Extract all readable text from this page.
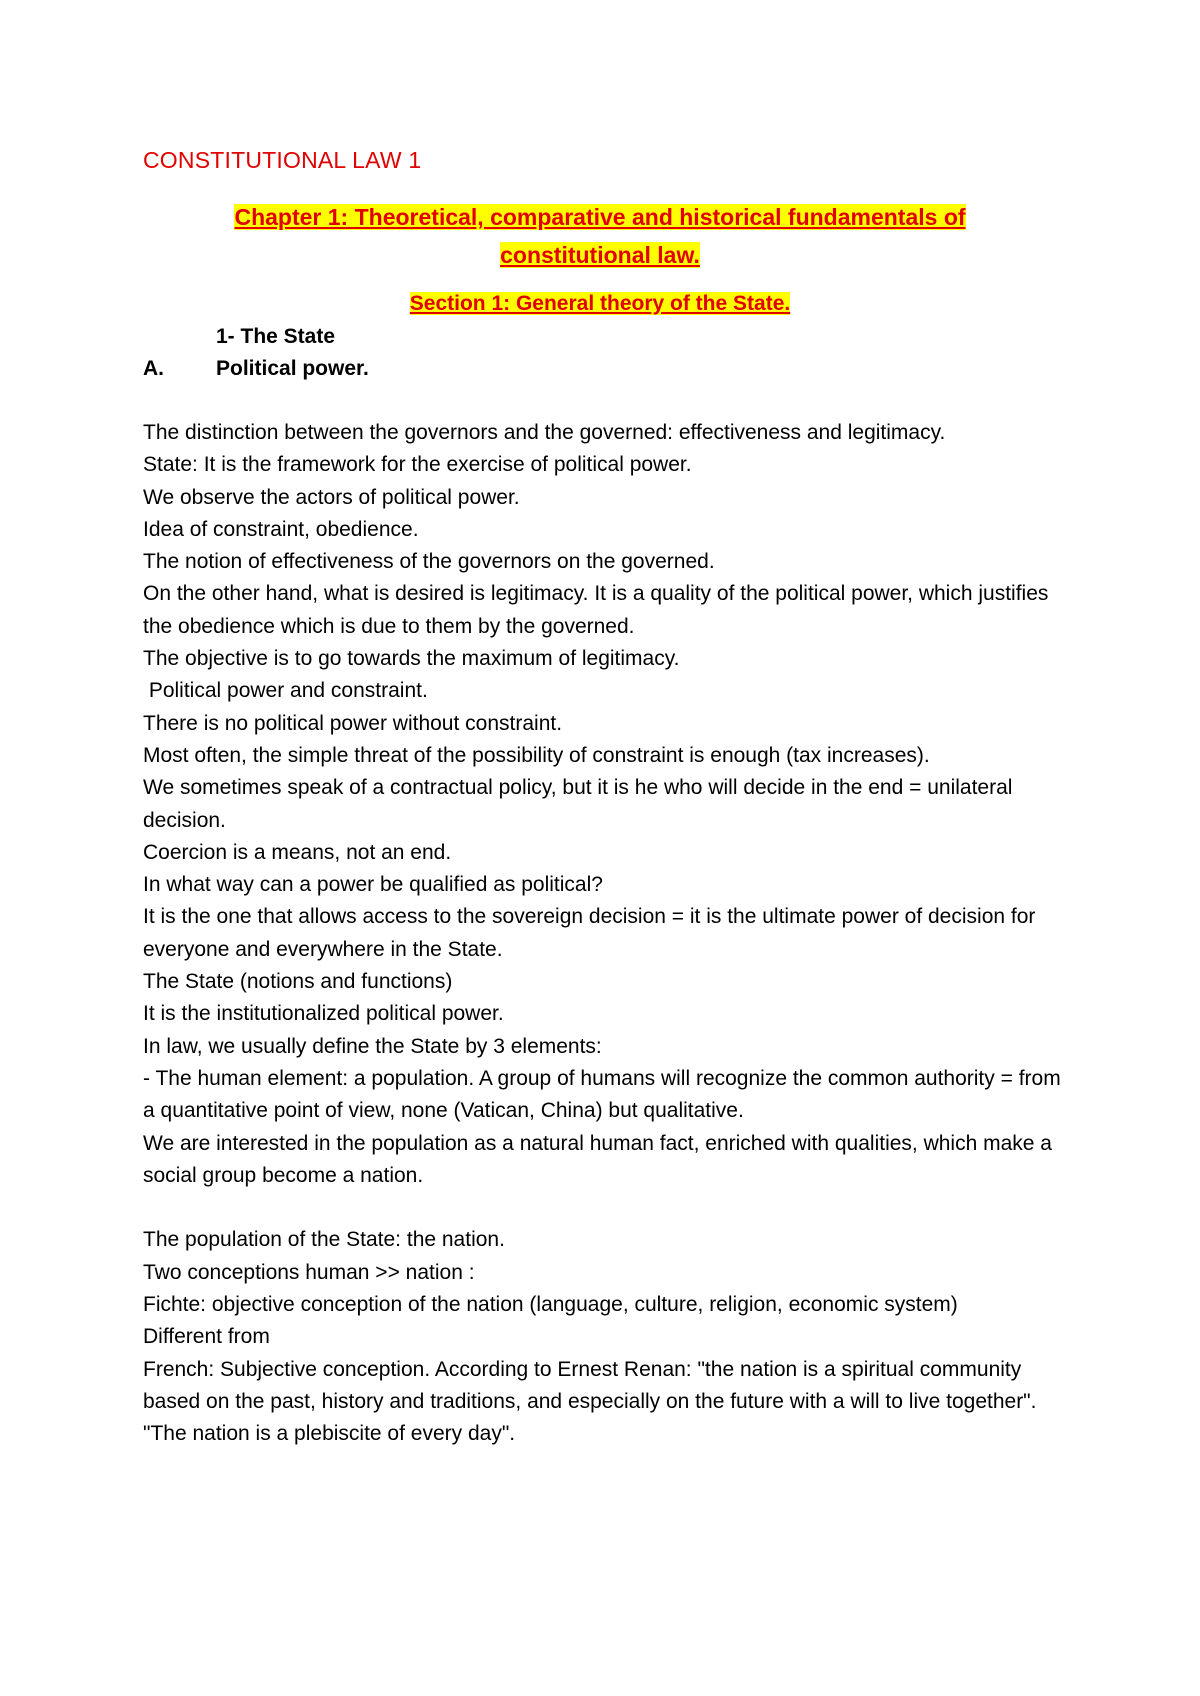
CONSTITUTIONAL LAW 1
Chapter 1: Theoretical, comparative and historical fundamentals of
constitutional law.
Section 1: General theory of the State.
1- The State
A. Political power.

The distinction between the governors and the governed: effectiveness and legitimacy.

State: It is the framework for the exercise of political power.

We observe the actors of political power.

Idea of constraint, obedience.

The notion of effectiveness of the governors on the governed.

On the other hand, what is desired is legitimacy. It is a quality of the political power, which justifies the obedience which is due to them by the governed.

The objective is to go towards the maximum of legitimacy.

Political power and constraint.

There is no political power without constraint.

Most often, the simple threat of the possibility of constraint is enough (tax increases).

We sometimes speak of a contractual policy, but it is he who will decide in the end = unilateral decision.

Coercion is a means, not an end.

In what way can a power be qualified as political?

It is the one that allows access to the sovereign decision = it is the ultimate power of decision for everyone and everywhere in the State.

The State (notions and functions)

It is the institutionalized political power.

In law, we usually define the State by 3 elements:

- The human element: a population. A group of humans will recognize the common authority = from a quantitative point of view, none (Vatican, China) but qualitative.

We are interested in the population as a natural human fact, enriched with qualities, which make a social group become a nation.

The population of the State: the nation.

Two conceptions human >> nation :

Fichte: objective conception of the nation (language, culture, religion, economic system)

Different from

French: Subjective conception. According to Ernest Renan: "the nation is a spiritual community based on the past, history and traditions, and especially on the future with a will to live together".

"The nation is a plebiscite of every day".
